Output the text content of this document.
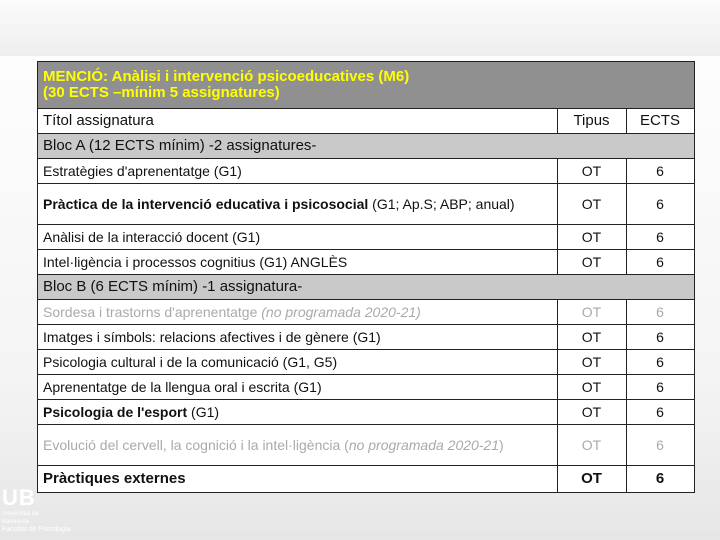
UB
Universitat de
Barcelona
Facultat de Psicologia
MENCIÓ: Anàlisi i intervenció psicoeducatives (M6)
(30 ECTS –mínim 5 assignatures)		

Títol assignatura	Tipus	ECTS
Bloc A (12 ECTS mínim) -2 assignatures-		
Estratègies d'aprenentatge (G1)	OT	6
Pràctica de la intervenció educativa i psicosocial (G1; Ap.S; ABP; anual)	OT	6
Anàlisi de la interacció docent (G1)	OT	6
Intel·ligència i processos cognitius (G1) ANGLÈS	OT	6
Bloc B (6 ECTS mínim) -1 assignatura-		
Sordesa i trastorns d'aprenentatge (no programada 2020-21)	OT	6
Imatges i símbols: relacions afectives i de gènere (G1)	OT	6
Psicologia cultural i de la comunicació (G1, G5)	OT	6
Aprenentatge de la llengua oral i escrita (G1)	OT	6
Psicologia de l'esport (G1)	OT	6
Evolució del cervell, la cognició i la intel·ligència (no programada 2020-21)	OT	6
Pràctiques externes	OT	6
